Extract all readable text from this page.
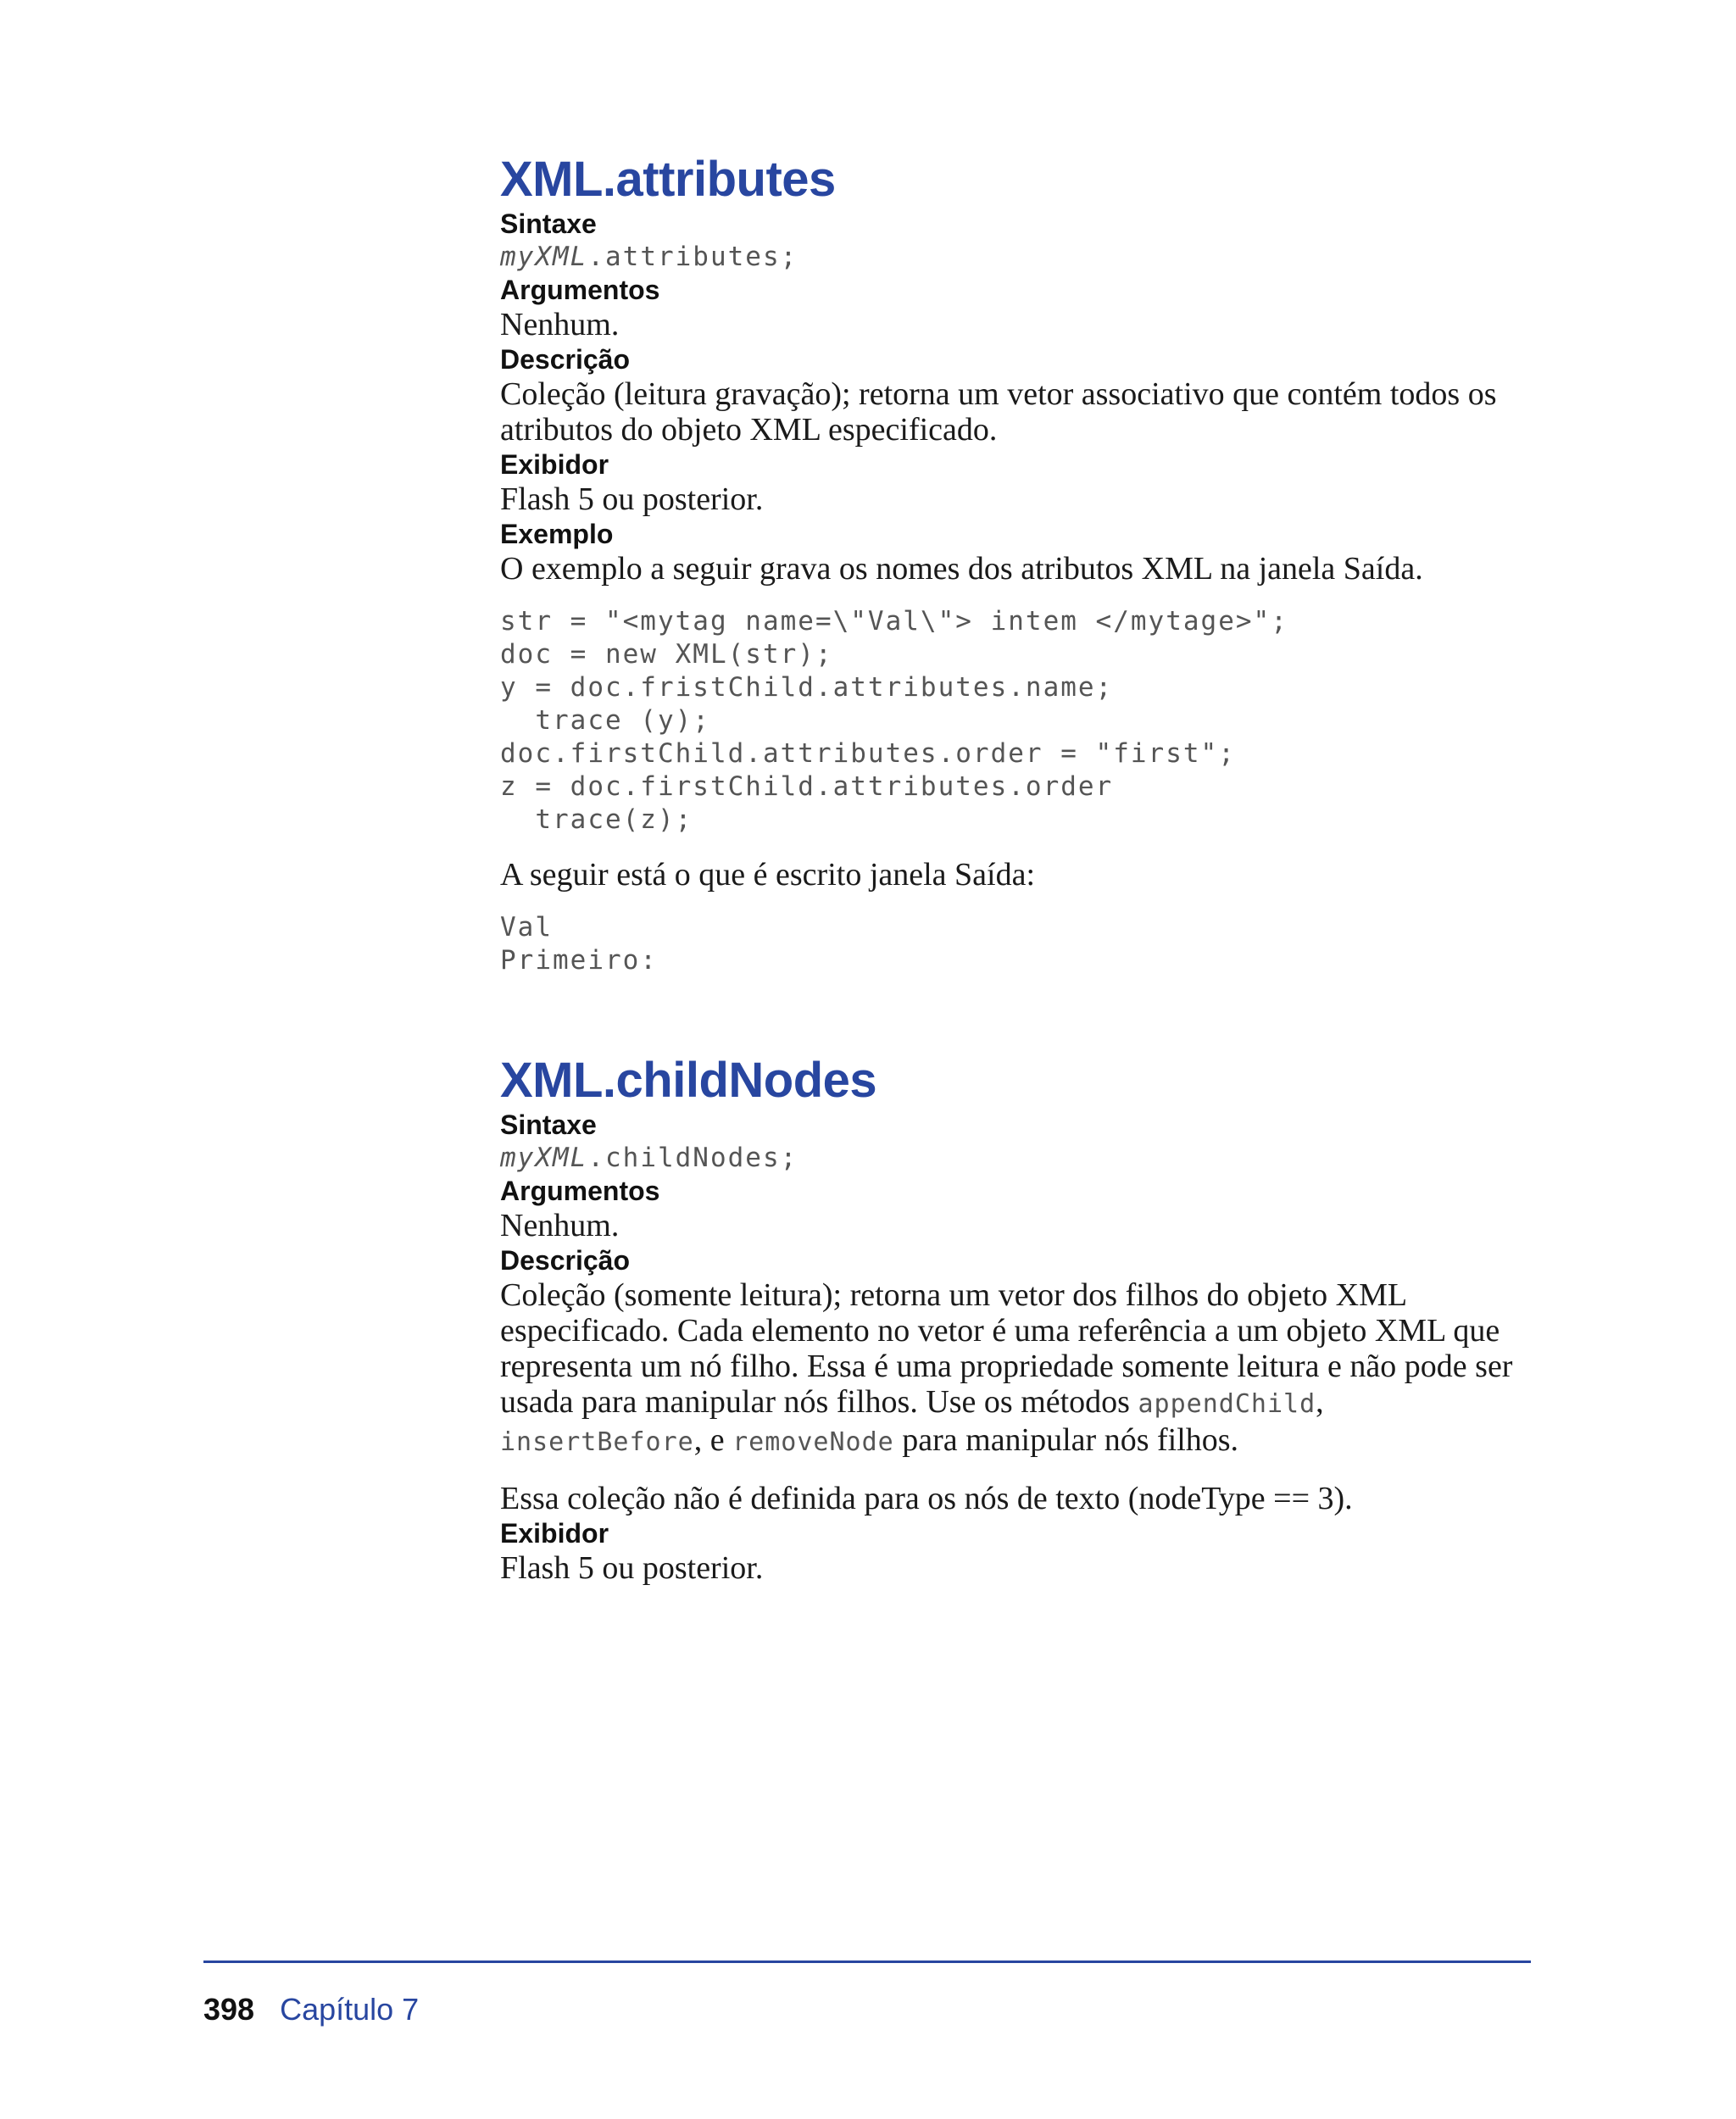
XML.attributes
Sintaxe
myXML.attributes;
Argumentos

Nenhum.

Descrição

Coleção (leitura gravação); retorna um vetor associativo que contém todos os atributos do objeto XML especificado.

Exibidor

Flash 5 ou posterior.

Exemplo

O exemplo a seguir grava os nomes dos atributos XML na janela Saída.

str = "<mytag name=\"Val\"> intem </mytage>";
doc = new XML(str);
y = doc.fristChild.attributes.name;
trace (y);
doc.firstChild.attributes.order = "first";
z = doc.firstChild.attributes.order
trace(z);

A seguir está o que é escrito janela Saída:

Val
Primeiro:
XML.childNodes
Sintaxe
myXML.childNodes;
Argumentos

Nenhum.

Descrição

Coleção (somente leitura); retorna um vetor dos filhos do objeto XML especificado. Cada elemento no vetor é uma referência a um objeto XML que representa um nó filho. Essa é uma propriedade somente leitura e não pode ser usada para manipular nós filhos. Use os métodos appendChild, insertBefore, e removeNode para manipular nós filhos.

Essa coleção não é definida para os nós de texto (nodeType == 3).

Exibidor

Flash 5 ou posterior.

398 Capítulo 7
